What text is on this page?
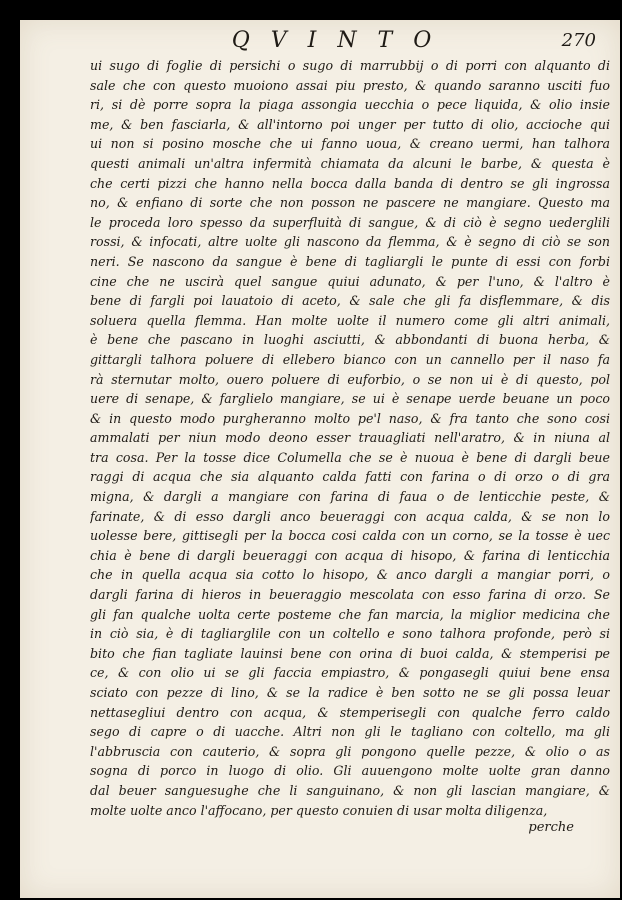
Q V I N T O	270
ui sugo di foglie di persichi o sugo di marrubbij o di porri con alquanto di
sale che con questo muoiono assai piu presto, & quando saranno usciti fuo
ri, si dè porre sopra la piaga assongia uecchia o pece liquida, & olio insie
me, & ben fasciarla, & all'intorno poi unger per tutto di olio, accioche qui
ui non si posino mosche che ui fanno uoua, & creano uermi, han talhora
questi animali un'altra infermità chiamata da alcuni le barbe, & questa è
che certi pizzi che hanno nella bocca dalla banda di dentro se gli ingrossa
no, & enfiano di sorte che non posson ne pascere ne mangiare. Questo ma
le proceda loro spesso da superfluità di sangue, & di ciò è segno uederglili
rossi, & infocati, altre uolte gli nascono da flemma, & è segno di ciò se son
neri. Se nascono da sangue è bene di tagliargli le punte di essi con forbi
cine che ne uscirà quel sangue quiui adunato, & per l'uno, & l'altro è
bene di fargli poi lauatoio di aceto, & sale che gli fa disflemmare, & dis
soluera quella flemma. Han molte uolte il numero come gli altri animali,
è bene che pascano in luoghi asciutti, & abbondanti di buona herba, &
gittargli talhora poluere di ellebero bianco con un cannello per il naso fa
rà sternutar molto, ouero poluere di euforbio, o se non ui è di questo, pol
uere di senape, & farglielo mangiare, se ui è senape uerde beuane un poco
& in questo modo purgheranno molto pe'l naso, & fra tanto che sono cosi
ammalati per niun modo deono esser trauagliati nell'aratro, & in niuna al
tra cosa. Per la tosse dice Columella che se è nuoua è bene di dargli beue
raggi di acqua che sia alquanto calda fatti con farina o di orzo o di gra
migna, & dargli a mangiare con farina di faua o de lenticchie peste, &
farinate, & di esso dargli anco beueraggi con acqua calda, & se non lo
uolesse bere, gittisegli per la bocca cosi calda con un corno, se la tosse è uec
chia è bene di dargli beueraggi con acqua di hisopo, & farina di lenticchia
che in quella acqua sia cotto lo hisopo, & anco dargli a mangiar porri, o
dargli farina di hieros in beueraggio mescolata con esso farina di orzo. Se
gli fan qualche uolta certe posteme che fan marcia, la miglior medicina che
in ciò sia, è di tagliarglile con un coltello e sono talhora profonde, però si
bito che fian tagliate lauinsi bene con orina di buoi calda, & stemperisi pe
ce, & con olio ui se gli faccia empiastro, & pongasegli quiui bene ensa
sciato con pezze di lino, & se la radice è ben sotto ne se gli possa leuar
nettasegliui dentro con acqua, & stemperisegli con qualche ferro caldo
sego di capre o di uacche. Altri non gli le tagliano con coltello, ma gli
l'abbruscia con cauterio, & sopra gli pongono quelle pezze, & olio o as
sogna di porco in luogo di olio. Gli auuengono molte uolte gran danno
dal beuer sanguesughe che li sanguinano, & non gli lascian mangiare, &
molte uolte anco l'affocano, per questo conuien di usar molta diligenza,
perche
